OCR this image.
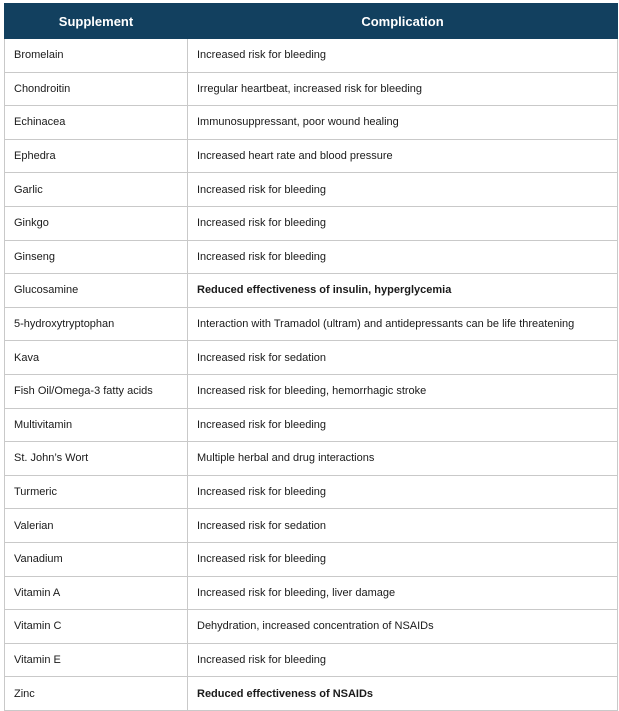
Supplement	Complication
Bromelain	Increased risk for bleeding
Chondroitin	Irregular heartbeat, increased risk for bleeding
Echinacea	Immunosuppressant, poor wound healing
Ephedra	Increased heart rate and blood pressure
Garlic	Increased risk for bleeding
Ginkgo	Increased risk for bleeding
Ginseng	Increased risk for bleeding
Glucosamine	Reduced effectiveness of insulin, hyperglycemia
5-hydroxytryptophan	Interaction with Tramadol (ultram) and antidepressants can be life threatening
Kava	Increased risk for sedation
Fish Oil/Omega-3 fatty acids	Increased risk for bleeding, hemorrhagic stroke
Multivitamin	Increased risk for bleeding
St. John’s Wort	Multiple herbal and drug interactions
Turmeric	Increased risk for bleeding
Valerian	Increased risk for sedation
Vanadium	Increased risk for bleeding
Vitamin A	Increased risk for bleeding, liver damage
Vitamin C	Dehydration, increased concentration of NSAIDs
Vitamin E	Increased risk for bleeding
Zinc	Reduced effectiveness of NSAIDs
